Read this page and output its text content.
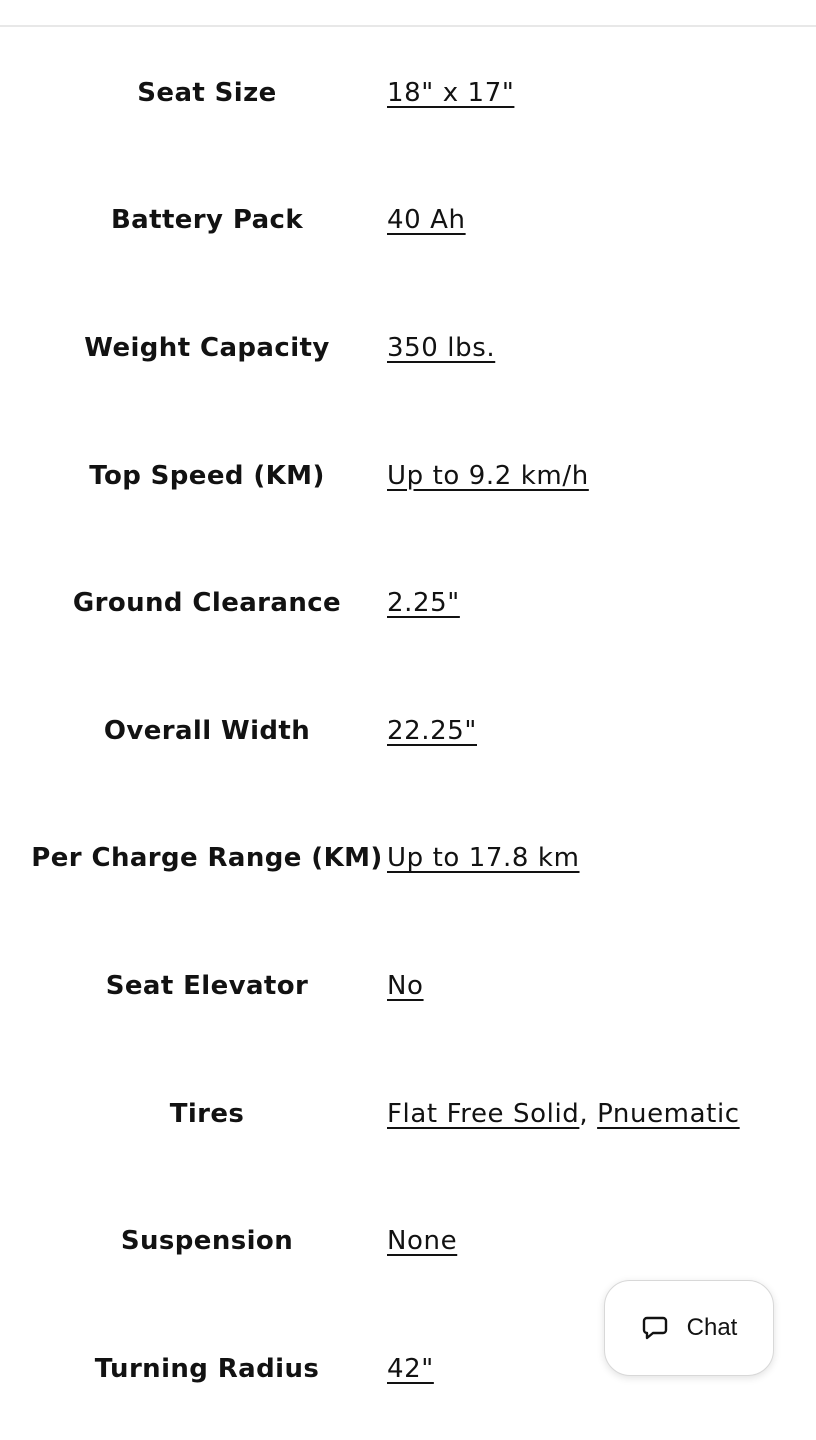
Seat Size	18" x 17"
Battery Pack	40 Ah
Weight Capacity	350 lbs.
Top Speed (KM)	Up to 9.2 km/h
Ground Clearance	2.25"
Overall Width	22.25"
Per Charge Range (KM) Up to 17.8 km
Seat Elevator	No
Tires	Flat Free Solid, Pnuematic
Suspension	None
Turning Radius	42"
Chat
